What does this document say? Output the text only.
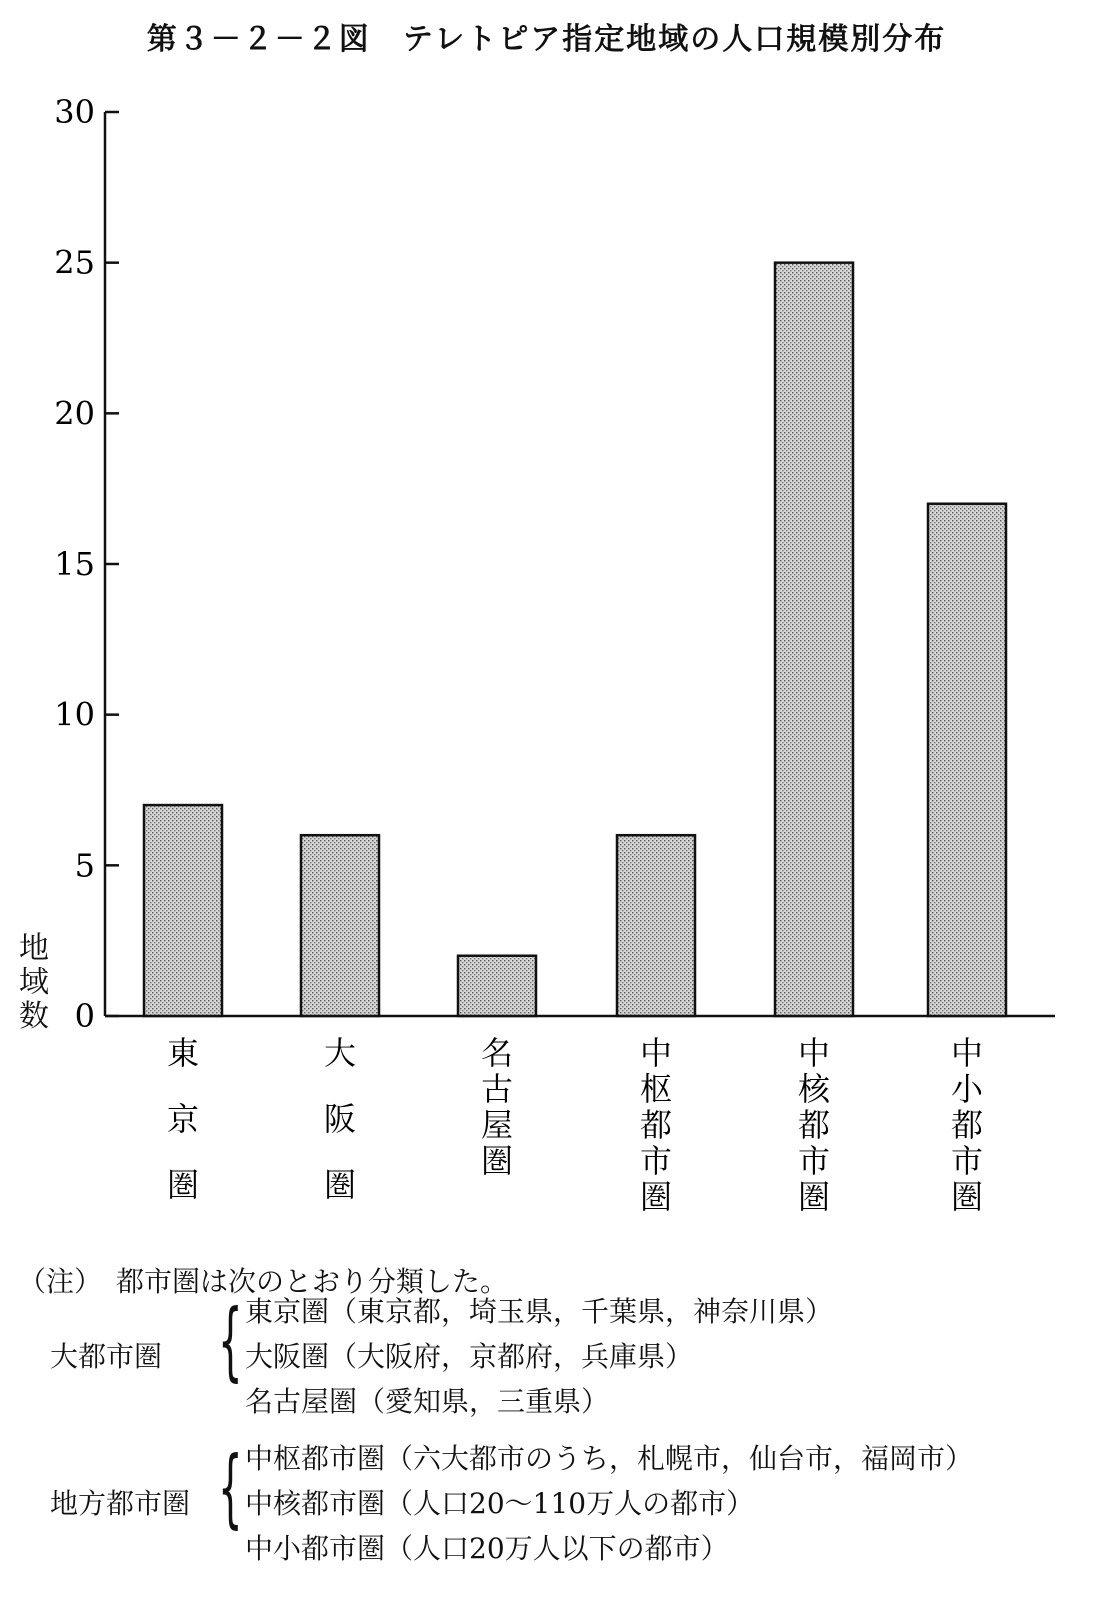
第３－２－２図　テレトピア指定地域の人口規模別分布
0
5
10
15
20
25
30
東京圏
大阪圏
名古屋圏
中枢都市圏
中核都市圏
中小都市圏
地
域
数
（注）　都市圏は次のとおり分類した。
大都市圏 { 東京圏（東京都，埼玉県，千葉県，神奈川県）
大阪圏（大阪府，京都府，兵庫県）
名古屋圏（愛知県，三重県）
地方都市圏 { 中枢都市圏（六大都市のうち，札幌市，仙台市，福岡市）
中核都市圏（人口20～110万人の都市）
中小都市圏（人口20万人以下の都市）
